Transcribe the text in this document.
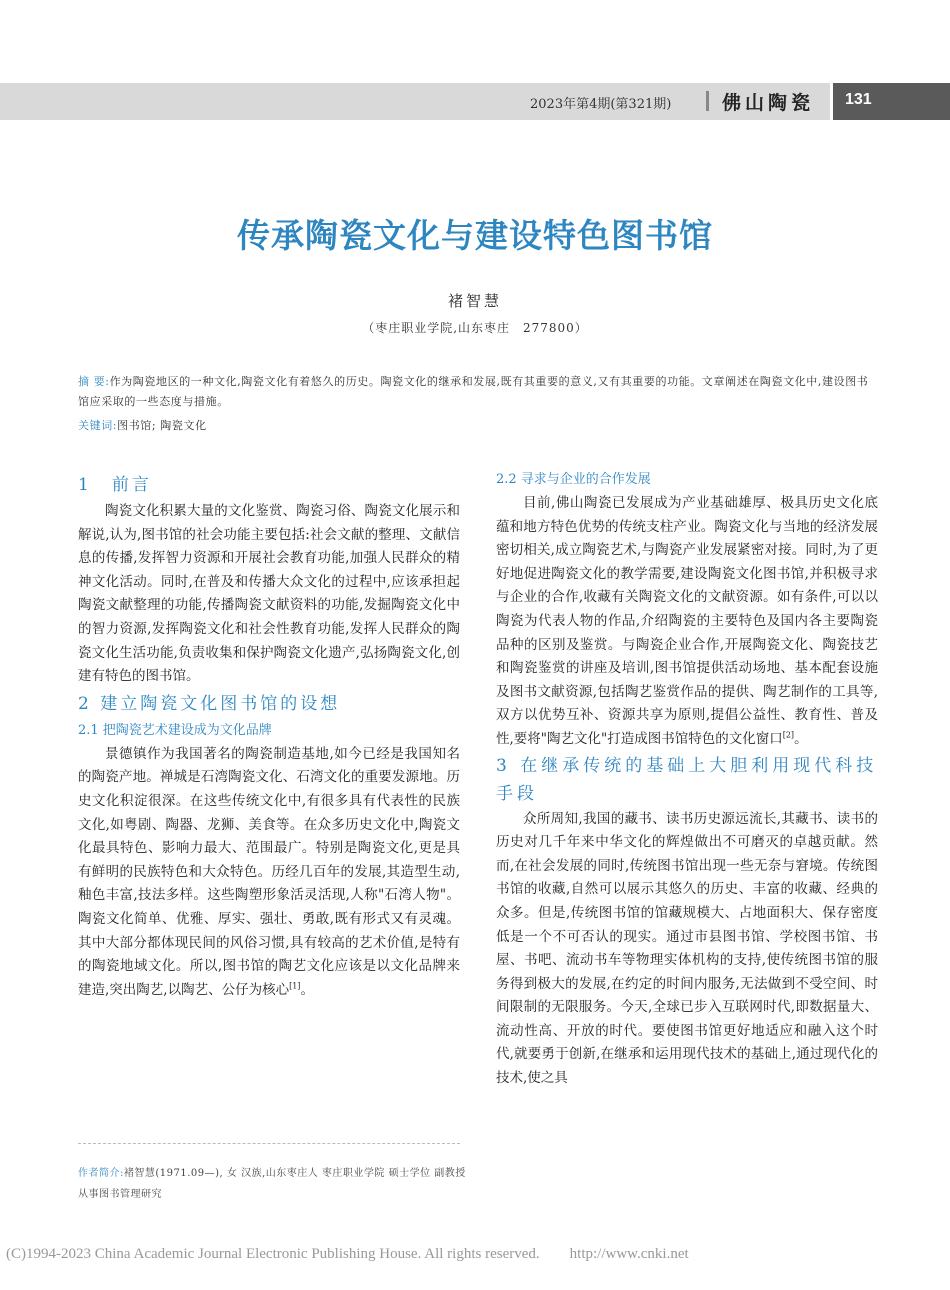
2023年第4期(第321期)	佛山陶瓷 131
传承陶瓷文化与建设特色图书馆
褚智慧
（枣庄职业学院,山东枣庄　277800）
摘 要:作为陶瓷地区的一种文化,陶瓷文化有着悠久的历史。陶瓷文化的继承和发展,既有其重要的意义,又有其重要的功能。文章阐述在陶瓷文化中,建设图书馆应采取的一些态度与措施。
关键词:图书馆; 陶瓷文化
1　前言

陶瓷文化积累大量的文化鉴赏、陶瓷习俗、陶瓷文化展示和解说,认为,图书馆的社会功能主要包括:社会文献的整理、文献信息的传播,发挥智力资源和开展社会教育功能,加强人民群众的精神文化活动。同时,在普及和传播大众文化的过程中,应该承担起陶瓷文献整理的功能,传播陶瓷文献资料的功能,发掘陶瓷文化中的智力资源,发挥陶瓷文化和社会性教育功能,发挥人民群众的陶瓷文化生活功能,负责收集和保护陶瓷文化遗产,弘扬陶瓷文化,创建有特色的图书馆。

2 建立陶瓷文化图书馆的设想
2.1 把陶瓷艺术建设成为文化品牌

景德镇作为我国著名的陶瓷制造基地,如今已经是我国知名的陶瓷产地。禅城是石湾陶瓷文化、石湾文化的重要发源地。历史文化积淀很深。在这些传统文化中,有很多具有代表性的民族文化,如粤剧、陶器、龙狮、美食等。在众多历史文化中,陶瓷文化最具特色、影响力最大、范围最广。特别是陶瓷文化,更是具有鲜明的民族特色和大众特色。历经几百年的发展,其造型生动,釉色丰富,技法多样。这些陶塑形象活灵活现,人称"石湾人物"。陶瓷文化简单、优雅、厚实、强壮、勇敢,既有形式又有灵魂。其中大部分都体现民间的风俗习惯,具有较高的艺术价值,是特有的陶瓷地域文化。所以,图书馆的陶艺文化应该是以文化品牌来建造,突出陶艺,以陶艺、公仔为核心[1]。

作者简介:褚智慧(1971.09—), 女 汉族,山东枣庄人 枣庄职业学院 硕士学位 副教授 从事图书管理研究
2.2 寻求与企业的合作发展

目前,佛山陶瓷已发展成为产业基础雄厚、极具历史文化底蕴和地方特色优势的传统支柱产业。陶瓷文化与当地的经济发展密切相关,成立陶瓷艺术,与陶瓷产业发展紧密对接。同时,为了更好地促进陶瓷文化的教学需要,建设陶瓷文化图书馆,并积极寻求与企业的合作,收藏有关陶瓷文化的文献资源。如有条件,可以以陶瓷为代表人物的作品,介绍陶瓷的主要特色及国内各主要陶瓷品种的区别及鉴赏。与陶瓷企业合作,开展陶瓷文化、陶瓷技艺和陶瓷鉴赏的讲座及培训,图书馆提供活动场地、基本配套设施及图书文献资源,包括陶艺鉴赏作品的提供、陶艺制作的工具等,双方以优势互补、资源共享为原则,提倡公益性、教育性、普及性,要将"陶艺文化"打造成图书馆特色的文化窗口[2]。

3 在继承传统的基础上大胆利用现代科技手段

众所周知,我国的藏书、读书历史源远流长,其藏书、读书的历史对几千年来中华文化的辉煌做出不可磨灭的卓越贡献。然而,在社会发展的同时,传统图书馆出现一些无奈与窘境。传统图书馆的收藏,自然可以展示其悠久的历史、丰富的收藏、经典的众多。但是,传统图书馆的馆藏规模大、占地面积大、保存密度低是一个不可否认的现实。通过市县图书馆、学校图书馆、书屋、书吧、流动书车等物理实体机构的支持,使传统图书馆的服务得到极大的发展,在约定的时间内服务,无法做到不受空间、时间限制的无限服务。今天,全球已步入互联网时代,即数据量大、流动性高、开放的时代。要使图书馆更好地适应和融入这个时代,就要勇于创新,在继承和运用现代技术的基础上,通过现代化的技术,使之具

(C)1994-2023 China Academic Journal Electronic Publishing House. All rights reserved.　　http://www.cnki.net
